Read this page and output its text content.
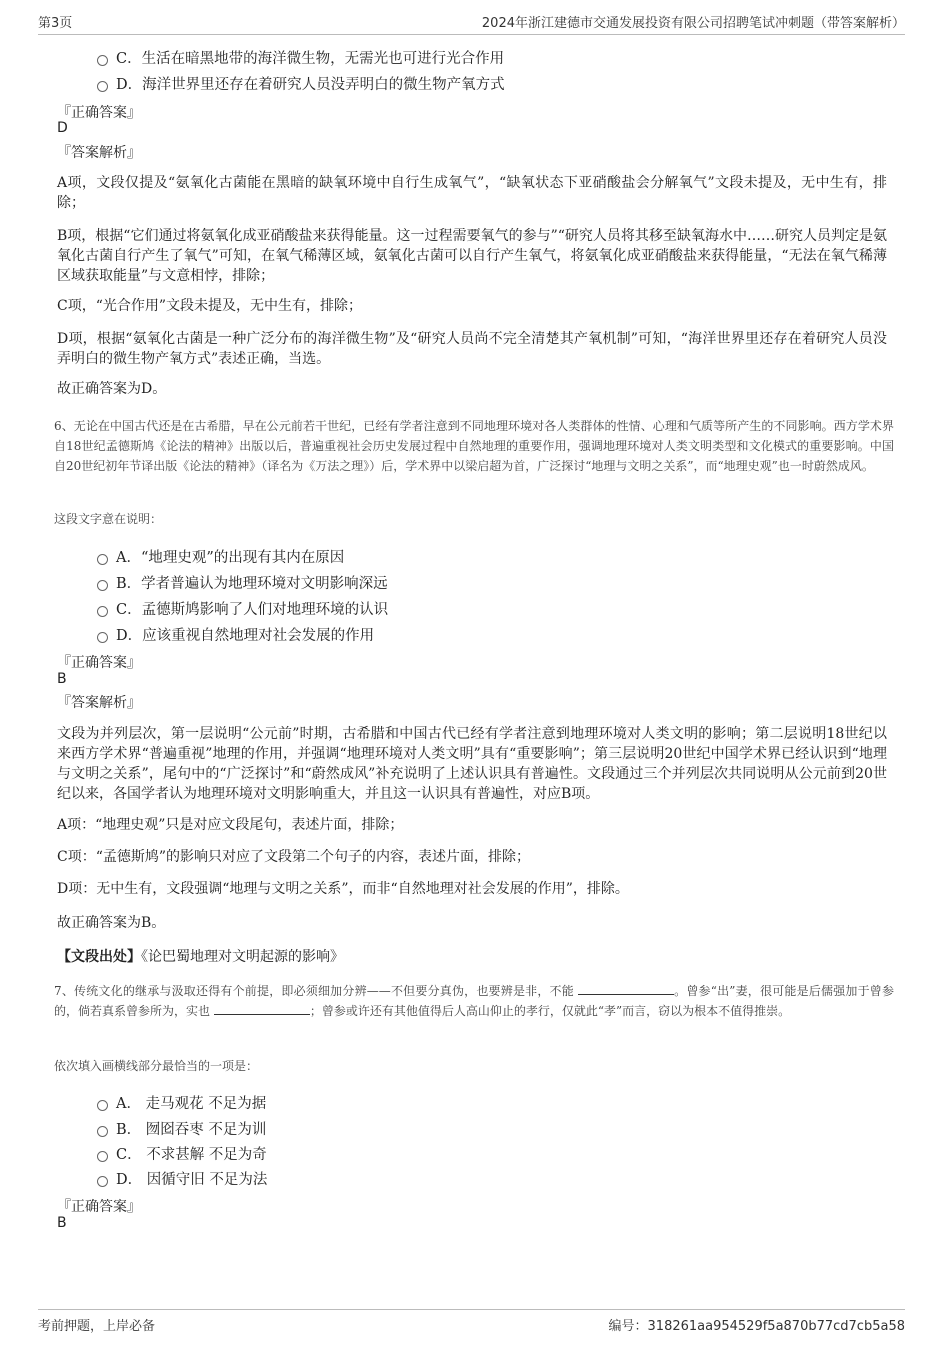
第3页	2024年浙江建德市交通发展投资有限公司招聘笔试冲刺题（带答案解析）
C．生活在暗黑地带的海洋微生物，无需光也可进行光合作用
D．海洋世界里还存在着研究人员没弄明白的微生物产氧方式
『正确答案』
D
『答案解析』
A项，文段仅提及“氨氧化古菌能在黑暗的缺氧环境中自行生成氧气”，“缺氧状态下亚硝酸盐会分解氧气”文段未提及，无中生有，排除；
B项，根据“它们通过将氨氧化成亚硝酸盐来获得能量。这一过程需要氧气的参与”“研究人员将其移至缺氧海水中……研究人员判定是氨氧化古菌自行产生了氧气”可知，在氧气稀薄区域，氨氧化古菌可以自行产生氧气，将氨氧化成亚硝酸盐来获得能量，“无法在氧气稀薄区域获取能量”与文意相悖，排除；
C项，“光合作用”文段未提及，无中生有，排除；
D项，根据“氨氧化古菌是一种广泛分布的海洋微生物”及“研究人员尚不完全清楚其产氧机制”可知，“海洋世界里还存在着研究人员没弄明白的微生物产氧方式”表述正确，当选。
故正确答案为D。
6、无论在中国古代还是在古希腊，早在公元前若干世纪，已经有学者注意到不同地理环境对各人类群体的性情、心理和气质等所产生的不同影响。西方学术界自18世纪孟德斯鸠《论法的精神》出版以后，普遍重视社会历史发展过程中自然地理的重要作用，强调地理环境对人类文明类型和文化模式的重要影响。中国自20世纪初年节译出版《论法的精神》（译名为《万法之理》）后，学术界中以梁启超为首，广泛探讨“地理与文明之关系”，而“地理史观”也一时蔚然成风。
这段文字意在说明：
A．“地理史观”的出现有其内在原因
B．学者普遍认为地理环境对文明影响深远
C．孟德斯鸠影响了人们对地理环境的认识
D．应该重视自然地理对社会发展的作用
『正确答案』
B
『答案解析』
文段为并列层次，第一层说明“公元前”时期，古希腊和中国古代已经有学者注意到地理环境对人类文明的影响；第二层说明18世纪以来西方学术界“普遍重视”地理的作用，并强调“地理环境对人类文明”具有“重要影响”；第三层说明20世纪中国学术界已经认识到“地理与文明之关系”，尾句中的“广泛探讨”和“蔚然成风”补充说明了上述认识具有普遍性。文段通过三个并列层次共同说明从公元前到20世纪以来，各国学者认为地理环境对文明影响重大，并且这一认识具有普遍性，对应B项。
A项：“地理史观”只是对应文段尾句，表述片面，排除；
C项：“孟德斯鸠”的影响只对应了文段第二个句子的内容，表述片面，排除；
D项：无中生有，文段强调“地理与文明之关系”，而非“自然地理对社会发展的作用”，排除。
故正确答案为B。
【文段出处】《论巴蜀地理对文明起源的影响》
7、传统文化的继承与汲取还得有个前提，即必须细加分辨——不但要分真伪，也要辨是非，不能	。曾参“出”妻，很可能是后儒强加于曾参的，倘若真系曾参所为，实也	；曾参或许还有其他值得后人高山仰止的孝行，仅就此“孝”而言，窃以为根本不值得推崇。
依次填入画横线部分最恰当的一项是：
A． 走马观花 不足为据
B． 囫囵吞枣 不足为训
C． 不求甚解 不足为奇
D． 因循守旧 不足为法
『正确答案』
B
考前押题，上岸必备	编号：318261aa954529f5a870b77cd7cb5a58
